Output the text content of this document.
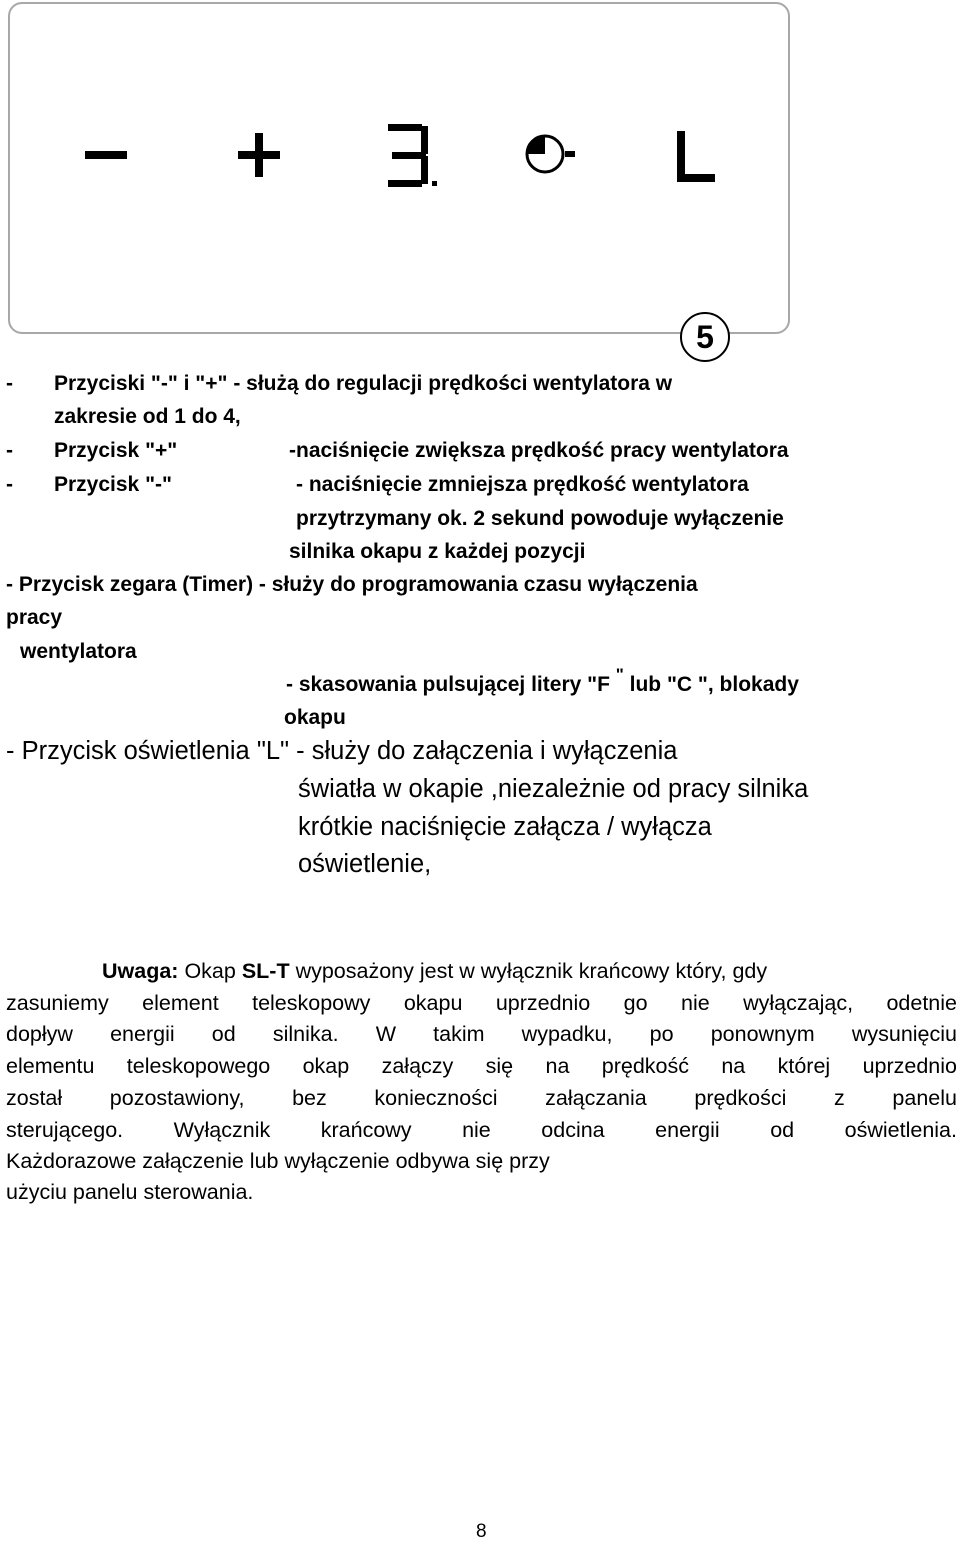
5
- Przyciski "-" i "+" - służą do regulacji prędkości wentylatora w
zakresie od 1 do 4,
- Przycisk "+"	-naciśnięcie zwiększa prędkość pracy wentylatora
- Przycisk "-"	- naciśnięcie zmniejsza prędkość wentylatora
przytrzymany ok. 2 sekund powoduje wyłączenie
silnika okapu z każdej pozycji
- Przycisk zegara (Timer) - służy do programowania czasu wyłączenia
pracy
wentylatora
- skasowania pulsującej litery "F " lub "C ", blokady
okapu
- Przycisk oświetlenia "L" - służy do załączenia i wyłączenia
światła w okapie ,niezależnie od pracy silnika
krótkie naciśnięcie załącza / wyłącza
oświetlenie,
Uwaga: Okap SL-T wyposażony jest w wyłącznik krańcowy który, gdy
zasuniemy element teleskopowy okapu uprzednio go nie wyłączając, odetnie
dopływ energii od silnika. W takim wypadku, po ponownym wysunięciu
elementu teleskopowego okap załączy się na prędkość na której uprzednio
został pozostawiony, bez konieczności załączania prędkości z panelu
sterującego. Wyłącznik krańcowy nie odcina energii od oświetlenia.
Każdorazowe załączenie lub wyłączenie odbywa się przy
użyciu panelu sterowania.
8
